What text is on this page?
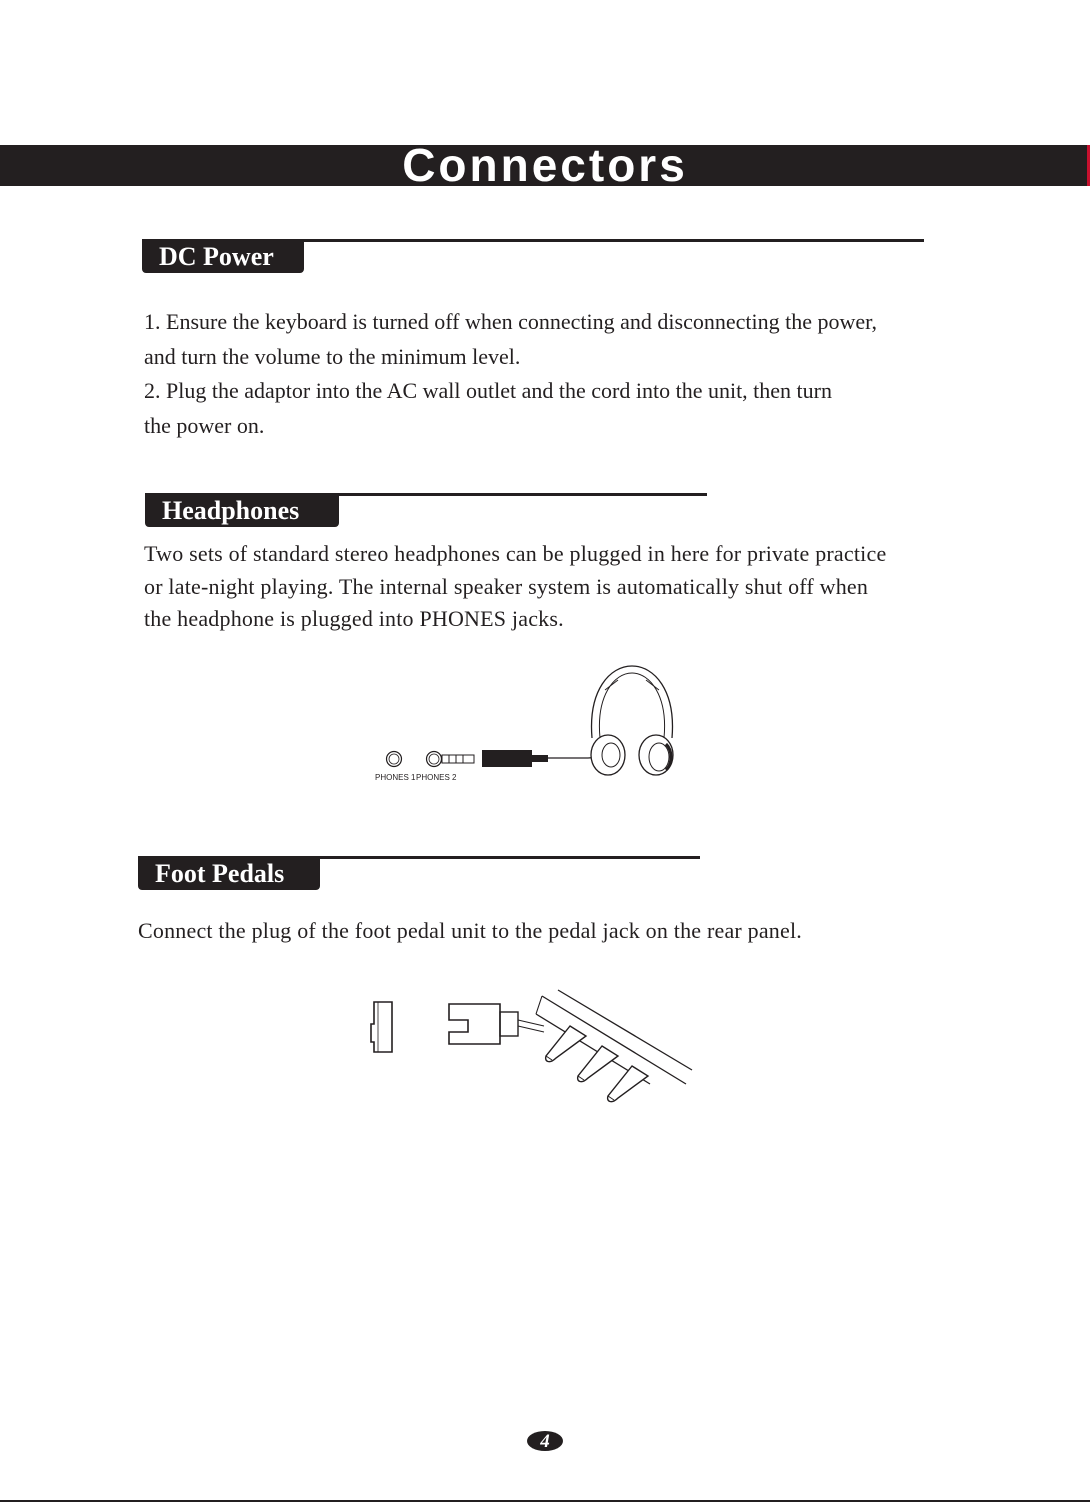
Connectors
DC Power

1. Ensure the keyboard is turned off when connecting and disconnecting the power,

and turn the volume to the minimum level.

2. Plug the adaptor into the AC wall outlet and the cord into the unit, then turn

the power on.

Headphones

Two sets of standard stereo headphones can be plugged in here for private practice

or late-night playing. The internal speaker system is automatically shut off when

the headphone is plugged into PHONES jacks.

PHONES 1 PHONES 2
Foot Pedals

Connect the plug of the foot pedal unit to the pedal jack on the rear panel.

4
